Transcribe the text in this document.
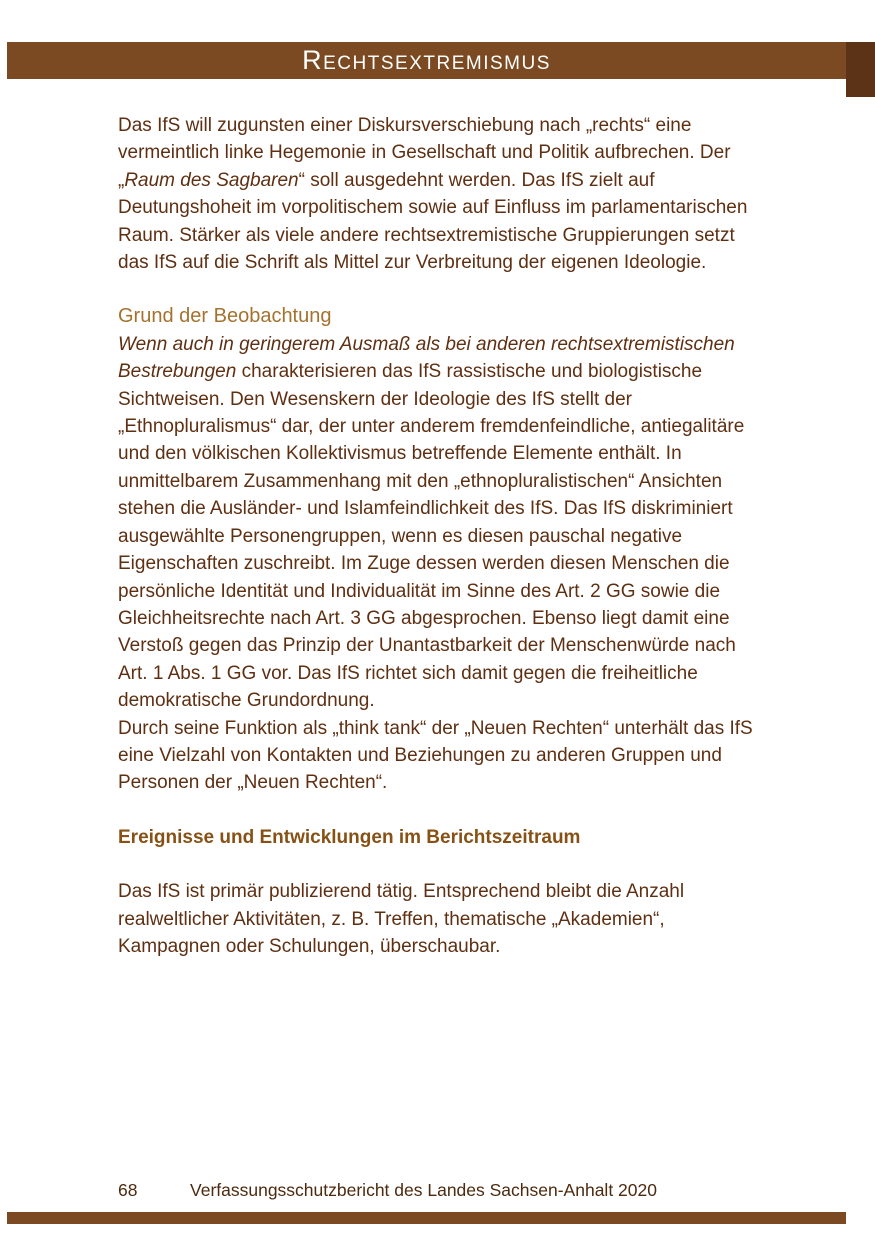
Rechtsextremismus

Das IfS will zugunsten einer Diskursverschiebung nach „rechts“ eine vermeintlich linke Hegemonie in Gesellschaft und Politik aufbrechen. Der „Raum des Sagbaren“ soll ausgedehnt werden. Das IfS zielt auf Deutungshoheit im vorpolitischem sowie auf Einfluss im parlamentarischen Raum. Stärker als viele andere rechtsextremistische Gruppierungen setzt das IfS auf die Schrift als Mittel zur Verbreitung der eigenen Ideologie.

Grund der Beobachtung

Wenn auch in geringerem Ausmaß als bei anderen rechtsextremistischen Bestrebungen charakterisieren das IfS rassistische und biologistische Sichtweisen. Den Wesenskern der Ideologie des IfS stellt der „Ethnopluralismus“ dar, der unter anderem fremdenfeindliche, antiegalitäre und den völkischen Kollektivismus betreffende Elemente enthält. In unmittelbarem Zusammenhang mit den „ethnopluralistischen“ Ansichten stehen die Ausländer- und Islamfeindlichkeit des IfS. Das IfS diskriminiert ausgewählte Personengruppen, wenn es diesen pauschal negative Eigenschaften zuschreibt. Im Zuge dessen werden diesen Menschen die persönliche Identität und Individualität im Sinne des Art. 2 GG sowie die Gleichheitsrechte nach Art. 3 GG abgesprochen. Ebenso liegt damit eine Verstoß gegen das Prinzip der Unantastbarkeit der Menschenwürde nach Art. 1 Abs. 1 GG vor. Das IfS richtet sich damit gegen die freiheitliche demokratische Grundordnung.

Durch seine Funktion als „think tank“ der „Neuen Rechten“ unterhält das IfS eine Vielzahl von Kontakten und Beziehungen zu anderen Gruppen und Personen der „Neuen Rechten“.

Ereignisse und Entwicklungen im Berichtszeitraum

Das IfS ist primär publizierend tätig. Entsprechend bleibt die Anzahl realweltlicher Aktivitäten, z. B. Treffen, thematische „Akademien“, Kampagnen oder Schulungen, überschaubar.

68	Verfassungsschutzbericht des Landes Sachsen-Anhalt 2020
